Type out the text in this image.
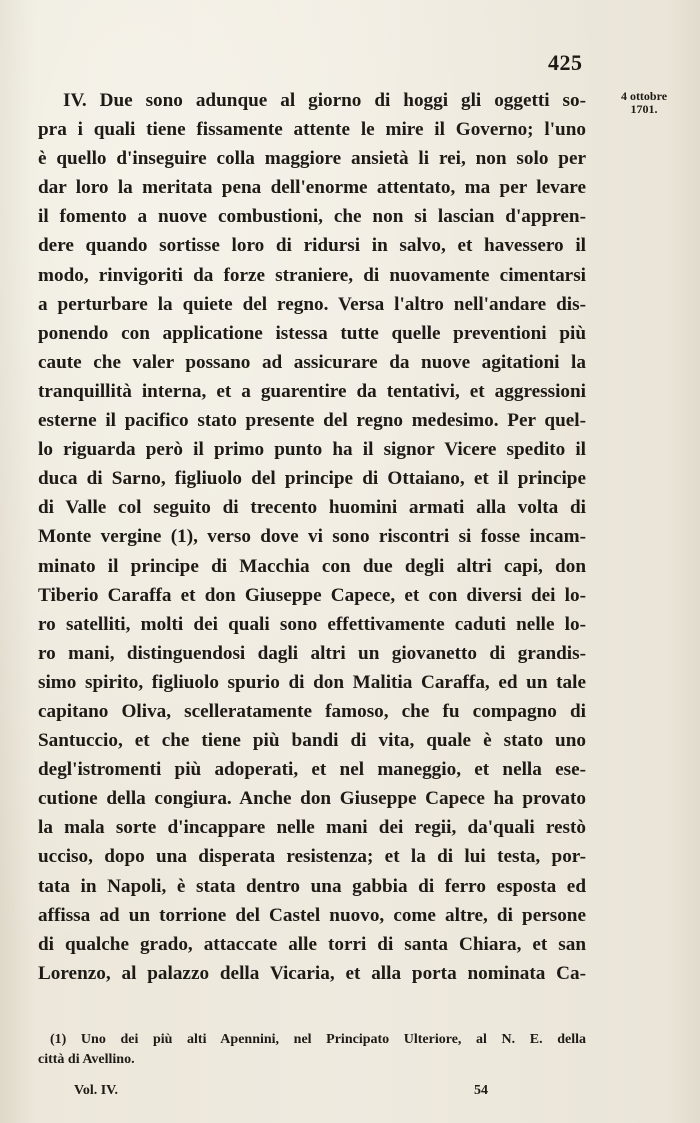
425
4 ottobre
1701.
IV. Due sono adunque al giorno di hoggi gli oggetti so-
pra i quali tiene fissamente attente le mire il Governo; l'uno
è quello d'inseguire colla maggiore ansietà li rei, non solo per
dar loro la meritata pena dell'enorme attentato, ma per levare
il fomento a nuove combustioni, che non si lascian d'appren-
dere quando sortisse loro di ridursi in salvo, et havessero il
modo, rinvigoriti da forze straniere, di nuovamente cimentarsi
a perturbare la quiete del regno. Versa l'altro nell'andare dis-
ponendo con applicatione istessa tutte quelle preventioni più
caute che valer possano ad assicurare da nuove agitationi la
tranquillità interna, et a guarentire da tentativi, et aggressioni
esterne il pacifico stato presente del regno medesimo. Per quel-
lo riguarda però il primo punto ha il signor Vicere spedito il
duca di Sarno, figliuolo del principe di Ottaiano, et il principe
di Valle col seguito di trecento huomini armati alla volta di
Monte vergine (1), verso dove vi sono riscontri si fosse incam-
minato il principe di Macchia con due degli altri capi, don
Tiberio Caraffa et don Giuseppe Capece, et con diversi dei lo-
ro satelliti, molti dei quali sono effettivamente caduti nelle lo-
ro mani, distinguendosi dagli altri un giovanetto di grandis-
simo spirito, figliuolo spurio di don Malitia Caraffa, ed un tale
capitano Oliva, scelleratamente famoso, che fu compagno di
Santuccio, et che tiene più bandi di vita, quale è stato uno
degl'istromenti più adoperati, et nel maneggio, et nella ese-
cutione della congiura. Anche don Giuseppe Capece ha provato
la mala sorte d'incappare nelle mani dei regii, da'quali restò
ucciso, dopo una disperata resistenza; et la di lui testa, por-
tata in Napoli, è stata dentro una gabbia di ferro esposta ed
affissa ad un torrione del Castel nuovo, come altre, di persone
di qualche grado, attaccate alle torri di santa Chiara, et san
Lorenzo, al palazzo della Vicaria, et alla porta nominata Ca-
(1) Uno dei più alti Apennini, nel Principato Ulteriore, al N. E. della
città di Avellino.
Vol. IV.	54
